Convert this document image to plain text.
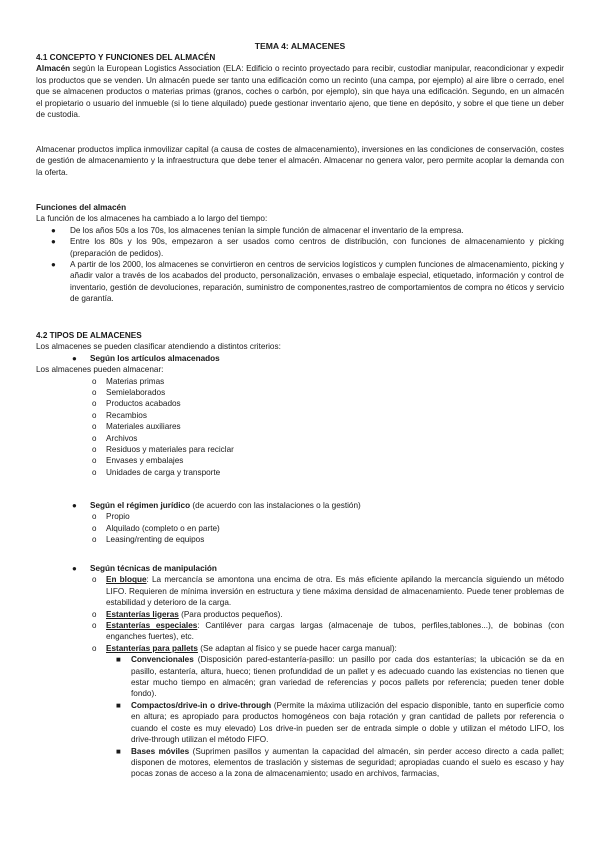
TEMA 4: ALMACENES
4.1 CONCEPTO Y FUNCIONES DEL ALMACÉN

Almacén según la European Logistics Association (ELA: Edificio o recinto proyectado para recibir, custodiar manipular, reacondicionar y expedir los productos que se venden. Un almacén puede ser tanto una edificación como un recinto (una campa, por ejemplo) al aire libre o cerrado, enel que se almacenen productos o materias primas (granos, coches o carbón, por ejemplo), sin que haya una edificación. Segundo, en un almacén el propietario o usuario del inmueble (si lo tiene alquilado) puede gestionar inventario ajeno, que tiene en depósito, y sobre el que tiene un deber de custodia.

Almacenar productos implica inmovilizar capital (a causa de costes de almacenamiento), inversiones en las condiciones de conservación, costes de gestión de almacenamiento y la infraestructura que debe tener el almacén. Almacenar no genera valor, pero permite acoplar la demanda con la oferta.

Funciones del almacén
La función de los almacenes ha cambiado a lo largo del tiempo:
● De los años 50s a los 70s, los almacenes tenían la simple función de almacenar el inventario de la empresa.
● Entre los 80s y los 90s, empezaron a ser usados como centros de distribución, con funciones de almacenamiento y picking (preparación de pedidos).
● A partir de los 2000, los almacenes se convirtieron en centros de servicios logísticos y cumplen funciones de almacenamiento, picking y añadir valor a través de los acabados del producto, personalización, envases o embalaje especial, etiquetado, información y control de inventario, gestión de devoluciones, reparación, suministro de componentes,rastreo de comportamientos de compra no éticos y servicio de garantía.
4.2 TIPOS DE ALMACENES
Los almacenes se pueden clasificar atendiendo a distintos criterios:
● Según los artículos almacenados
Los almacenes pueden almacenar:
o Materias primas
o Semielaborados
o Productos acabados
o Recambios
o Materiales auxiliares
o Archivos
o Residuos y materiales para reciclar
o Envases y embalajes
o Unidades de carga y transporte
● Según el régimen jurídico (de acuerdo con las instalaciones o la gestión)
o Propio
o Alquilado (completo o en parte)
o Leasing/renting de equipos
● Según técnicas de manipulación
o En bloque: La mercancía se amontona una encima de otra. Es más eficiente apilando la mercancía siguiendo un método LIFO. Requieren de mínima inversión en estructura y tiene máxima densidad de almacenamiento. Puede tener problemas de estabilidad y deterioro de la carga.
o Estanterías ligeras (Para productos pequeños).
o Estanterías especiales: Cantiléver para cargas largas (almacenaje de tubos, perfiles,tablones...), de bobinas (con enganches fuertes), etc.
o Estanterías para pallets (Se adaptan al físico y se puede hacer carga manual):
■ Convencionales (Disposición pared-estantería-pasillo: un pasillo por cada dos estanterías; la ubicación se da en pasillo, estantería, altura, hueco; tienen profundidad de un pallet y es adecuado cuando las existencias no tienen que estar mucho tiempo en almacén; gran variedad de referencias y pocos pallets por referencia; pueden tener doble fondo).
■ Compactos/drive-in o drive-through (Permite la máxima utilización del espacio disponible, tanto en superficie como en altura; es apropiado para productos homogéneos con baja rotación y gran cantidad de pallets por referencia o cuando el coste es muy elevado) Los drive-in pueden ser de entrada simple o doble y utilizan el método LIFO, los drive-through utilizan el método FIFO.
■ Bases móviles (Suprimen pasillos y aumentan la capacidad del almacén, sin perder acceso directo a cada pallet; disponen de motores, elementos de traslación y sistemas de seguridad; apropiadas cuando el suelo es escaso y hay pocas zonas de acceso a la zona de almacenamiento; usado en archivos, farmacias,
